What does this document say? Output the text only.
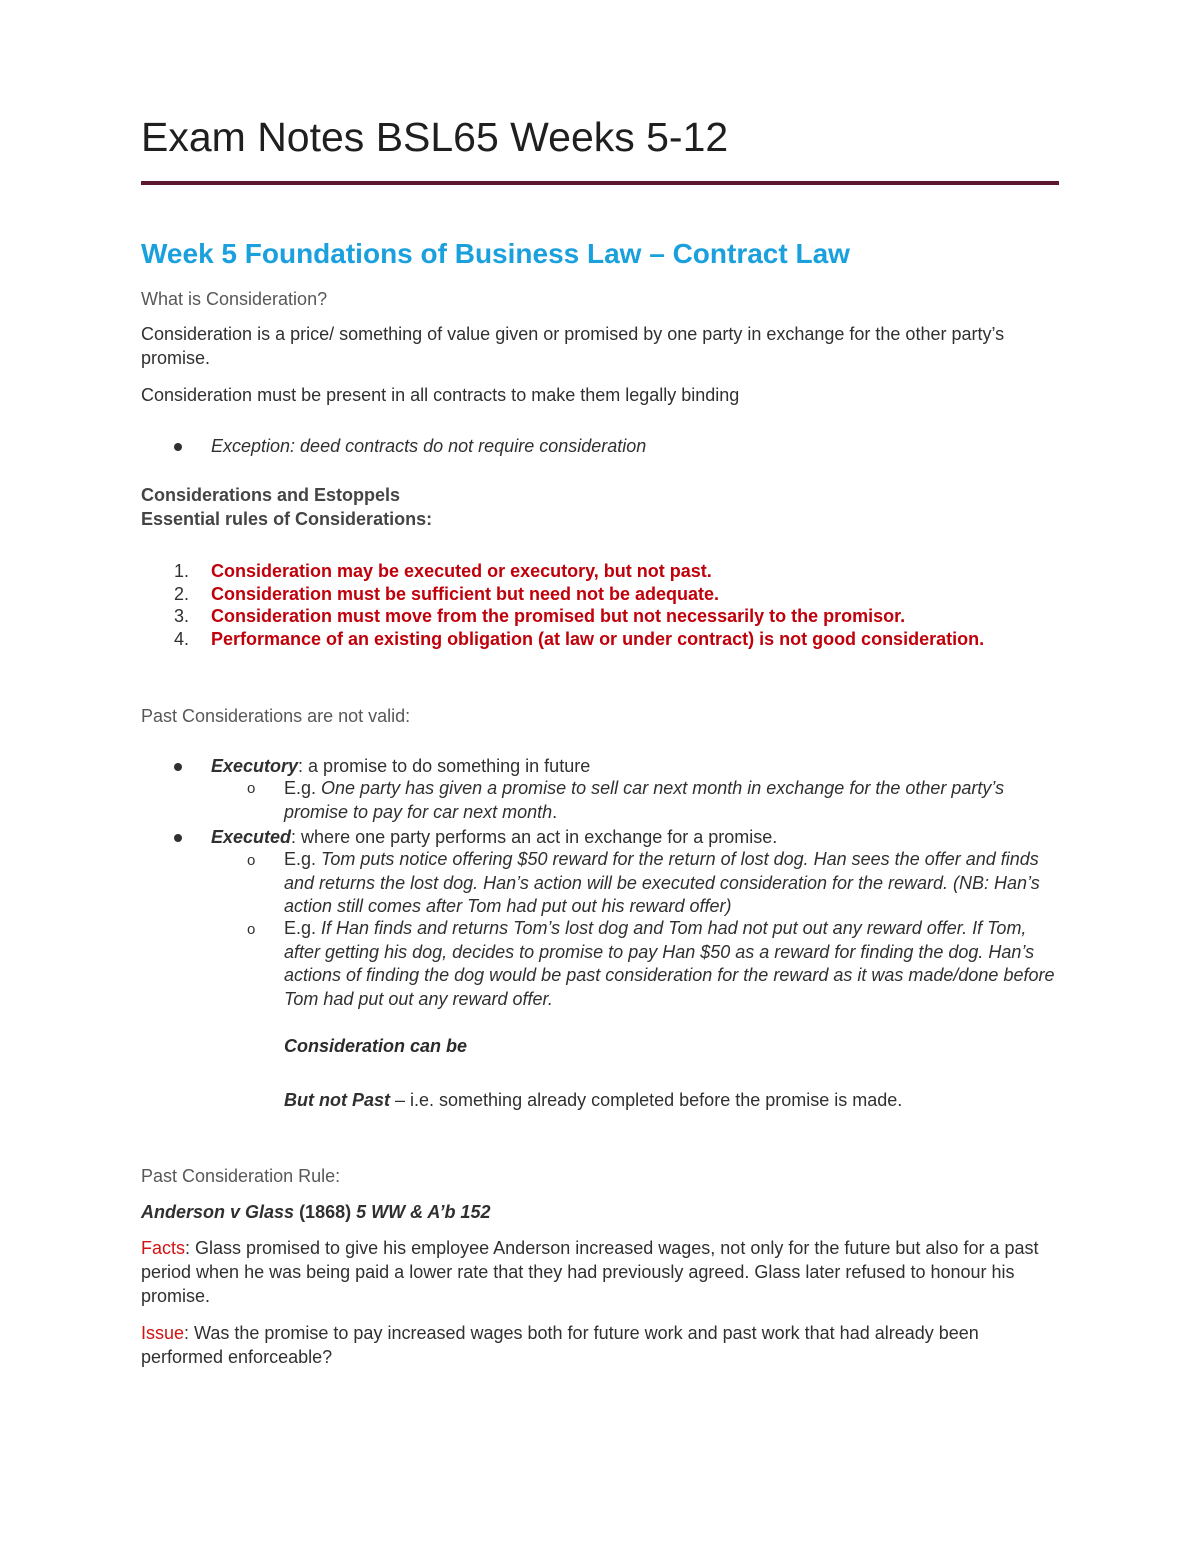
Exam Notes BSL65 Weeks 5-12
Week 5 Foundations of Business Law – Contract Law
What is Consideration?
Consideration is a price/ something of value given or promised by one party in exchange for the other party’s promise.
Consideration must be present in all contracts to make them legally binding
Exception: deed contracts do not require consideration
Considerations and Estoppels
Essential rules of Considerations:
1. Consideration may be executed or executory, but not past.
2. Consideration must be sufficient but need not be adequate.
3. Consideration must move from the promised but not necessarily to the promisor.
4. Performance of an existing obligation (at law or under contract) is not good consideration.
Past Considerations are not valid:
Executory: a promise to do something in future
o E.g. One party has given a promise to sell car next month in exchange for the other party’s promise to pay for car next month.
Executed: where one party performs an act in exchange for a promise.
o E.g. Tom puts notice offering $50 reward for the return of lost dog. Han sees the offer and finds and returns the lost dog. Han’s action will be executed consideration for the reward. (NB: Han’s action still comes after Tom had put out his reward offer)
o E.g. If Han finds and returns Tom’s lost dog and Tom had not put out any reward offer. If Tom, after getting his dog, decides to promise to pay Han $50 as a reward for finding the dog. Han’s actions of finding the dog would be past consideration for the reward as it was made/done before Tom had put out any reward offer.
Consideration can be
But not Past – i.e. something already completed before the promise is made.
Past Consideration Rule:
Anderson v Glass (1868) 5 WW & A’b 152
Facts: Glass promised to give his employee Anderson increased wages, not only for the future but also for a past period when he was being paid a lower rate that they had previously agreed. Glass later refused to honour his promise.
Issue: Was the promise to pay increased wages both for future work and past work that had already been performed enforceable?
